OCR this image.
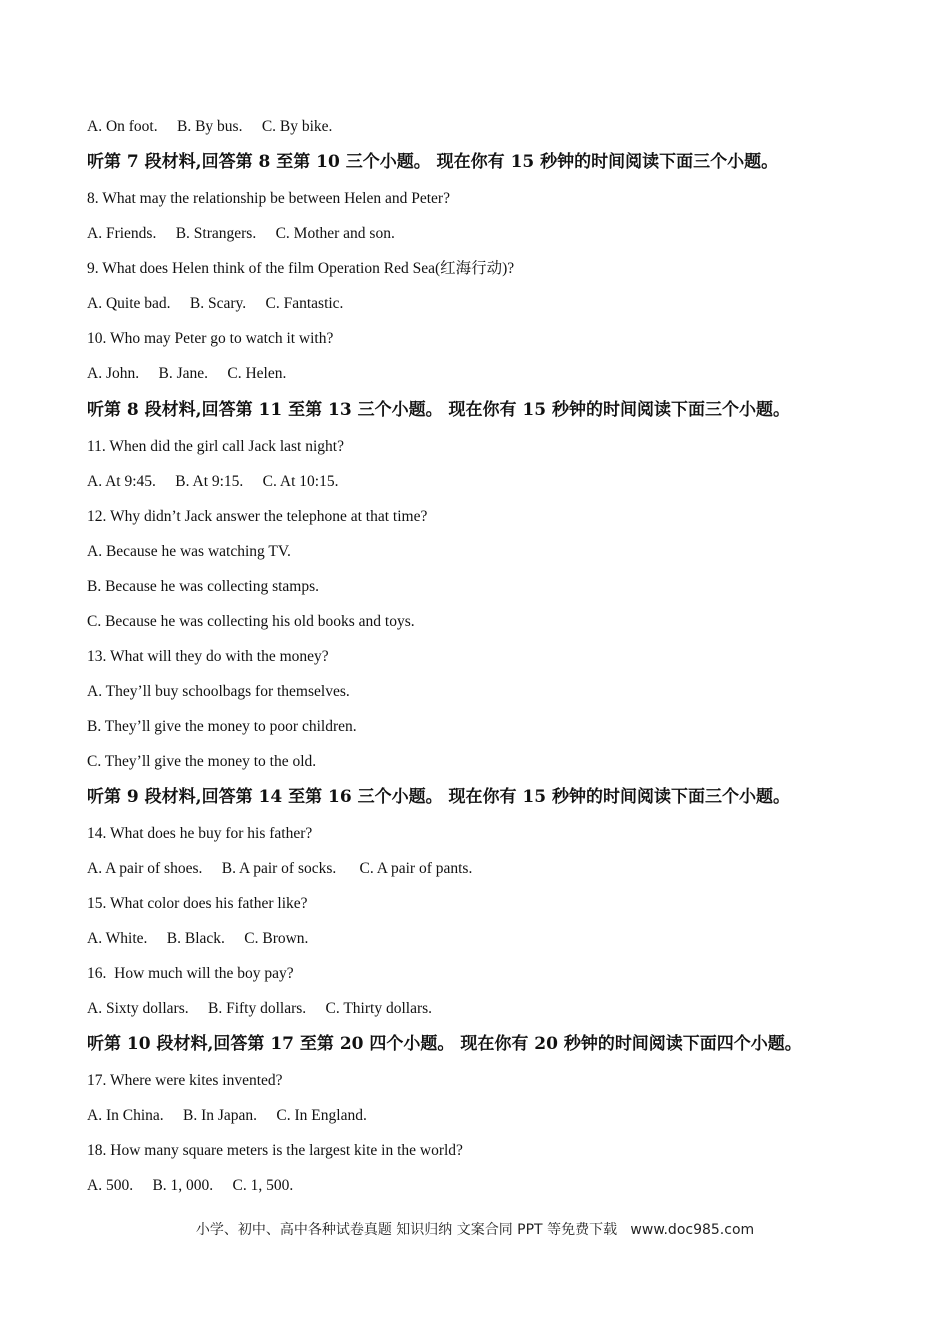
A. On foot.     B. By bus.     C. By bike.
听第 7 段材料,回答第 8 至第 10 三个小题。 现在你有 15 秒钟的时间阅读下面三个小题。
8. What may the relationship be between Helen and Peter?
A. Friends.     B. Strangers.     C. Mother and son.
9. What does Helen think of the film Operation Red Sea(红海行动)?
A. Quite bad.     B. Scary.     C. Fantastic.
10. Who may Peter go to watch it with?
A. John.     B. Jane.     C. Helen.
听第 8 段材料,回答第 11 至第 13 三个小题。 现在你有 15 秒钟的时间阅读下面三个小题。
11. When did the girl call Jack last night?
A. At 9:45.     B. At 9:15.     C. At 10:15.
12. Why didn’t Jack answer the telephone at that time?
A. Because he was watching TV.
B. Because he was collecting stamps.
C. Because he was collecting his old books and toys.
13. What will they do with the money?
A. They’ll buy schoolbags for themselves.
B. They’ll give the money to poor children.
C. They’ll give the money to the old.
听第 9 段材料,回答第 14 至第 16 三个小题。 现在你有 15 秒钟的时间阅读下面三个小题。
14. What does he buy for his father?
A. A pair of shoes.     B. A pair of socks.      C. A pair of pants.
15. What color does his father like?
A. White.     B. Black.     C. Brown.
16.  How much will the boy pay?
A. Sixty dollars.     B. Fifty dollars.     C. Thirty dollars.
听第 10 段材料,回答第 17 至第 20 四个小题。 现在你有 20 秒钟的时间阅读下面四个小题。
17. Where were kites invented?
A. In China.     B. In Japan.     C. In England.
18. How many square meters is the largest kite in the world?
A. 500.     B. 1, 000.     C. 1, 500.
小学、初中、高中各种试卷真题 知识归纳 文案合同 PPT 等免费下载   www.doc985.com
